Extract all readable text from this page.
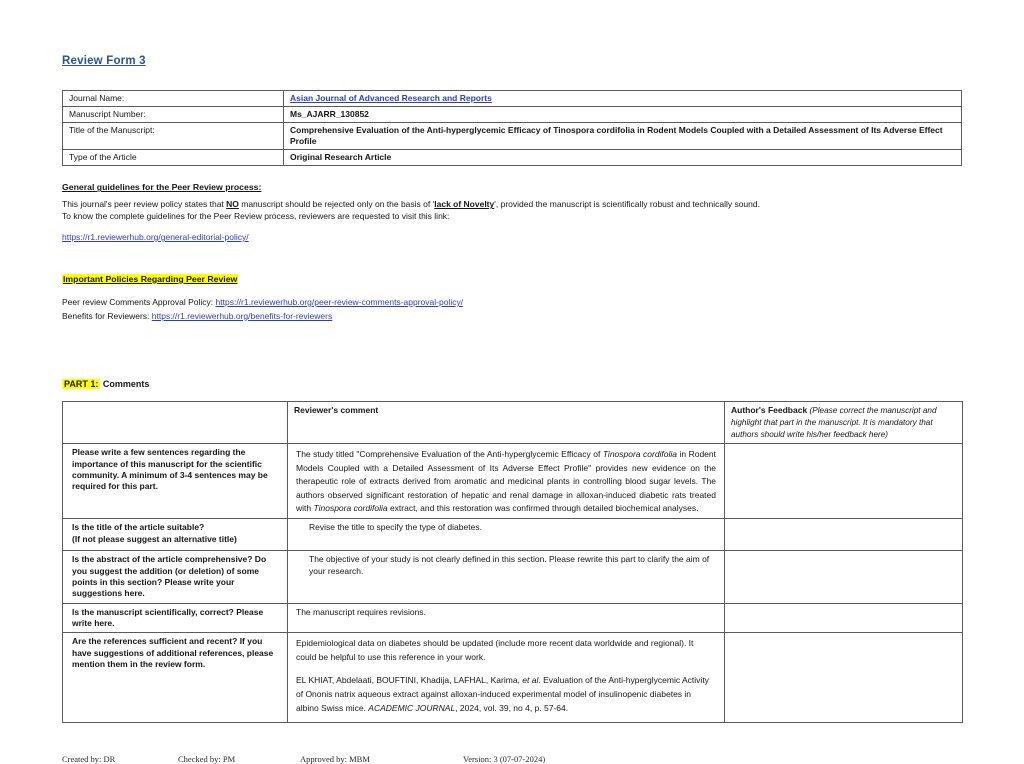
Review Form 3
Journal Name:	Asian Journal of Advanced Research and Reports
Manuscript Number:	Ms_AJARR_130852
Title of the Manuscript:	Comprehensive Evaluation of the Anti-hyperglycemic Efficacy of Tinospora cordifolia in Rodent Models Coupled with a Detailed Assessment of Its Adverse Effect Profile
Type of the Article	Original Research Article
General guidelines for the Peer Review process:
This journal's peer review policy states that NO manuscript should be rejected only on the basis of 'lack of Novelty', provided the manuscript is scientifically robust and technically sound.
To know the complete guidelines for the Peer Review process, reviewers are requested to visit this link:
https://r1.reviewerhub.org/general-editorial-policy/
Important Policies Regarding Peer Review
Peer review Comments Approval Policy: https://r1.reviewerhub.org/peer-review-comments-approval-policy/
Benefits for Reviewers: https://r1.reviewerhub.org/benefits-for-reviewers
PART 1: Comments
	Reviewer's comment	Author's Feedback (Please correct the manuscript and highlight that part in the manuscript. It is mandatory that authors should write his/her feedback here)
Please write a few sentences regarding the importance of this manuscript for the scientific community. A minimum of 3-4 sentences may be required for this part.	The study titled "Comprehensive Evaluation of the Anti-hyperglycemic Efficacy of Tinospora cordifolia in Rodent Models Coupled with a Detailed Assessment of Its Adverse Effect Profile" provides new evidence on the therapeutic role of extracts derived from aromatic and medicinal plants in controlling blood sugar levels. The authors observed significant restoration of hepatic and renal damage in alloxan-induced diabetic rats treated with Tinospora cordifolia extract, and this restoration was confirmed through detailed biochemical analyses.	
Is the title of the article suitable?
(If not please suggest an alternative title)	Revise the title to specify the type of diabetes.	
Is the abstract of the article comprehensive? Do you suggest the addition (or deletion) of some points in this section? Please write your suggestions here.	The objective of your study is not clearly defined in this section. Please rewrite this part to clarify the aim of your research.	
Is the manuscript scientifically, correct? Please write here.	The manuscript requires revisions.	
Are the references sufficient and recent? If you have suggestions of additional references, please mention them in the review form.	Epidemiological data on diabetes should be updated (include more recent data worldwide and regional). It could be helpful to use this reference in your work.

EL KHIAT, Abdelaati, BOUFTINI, Khadija, LAFHAL, Karima, et al. Evaluation of the Anti-hyperglycemic Activity of Ononis natrix aqueous extract against alloxan-induced experimental model of insulinopenic diabetes in albino Swiss mice. ACADEMIC JOURNAL, 2024, vol. 39, no 4, p. 57-64.	

Created by: DR	Checked by: PM	Approved by: MBM	Version: 3 (07-07-2024)
